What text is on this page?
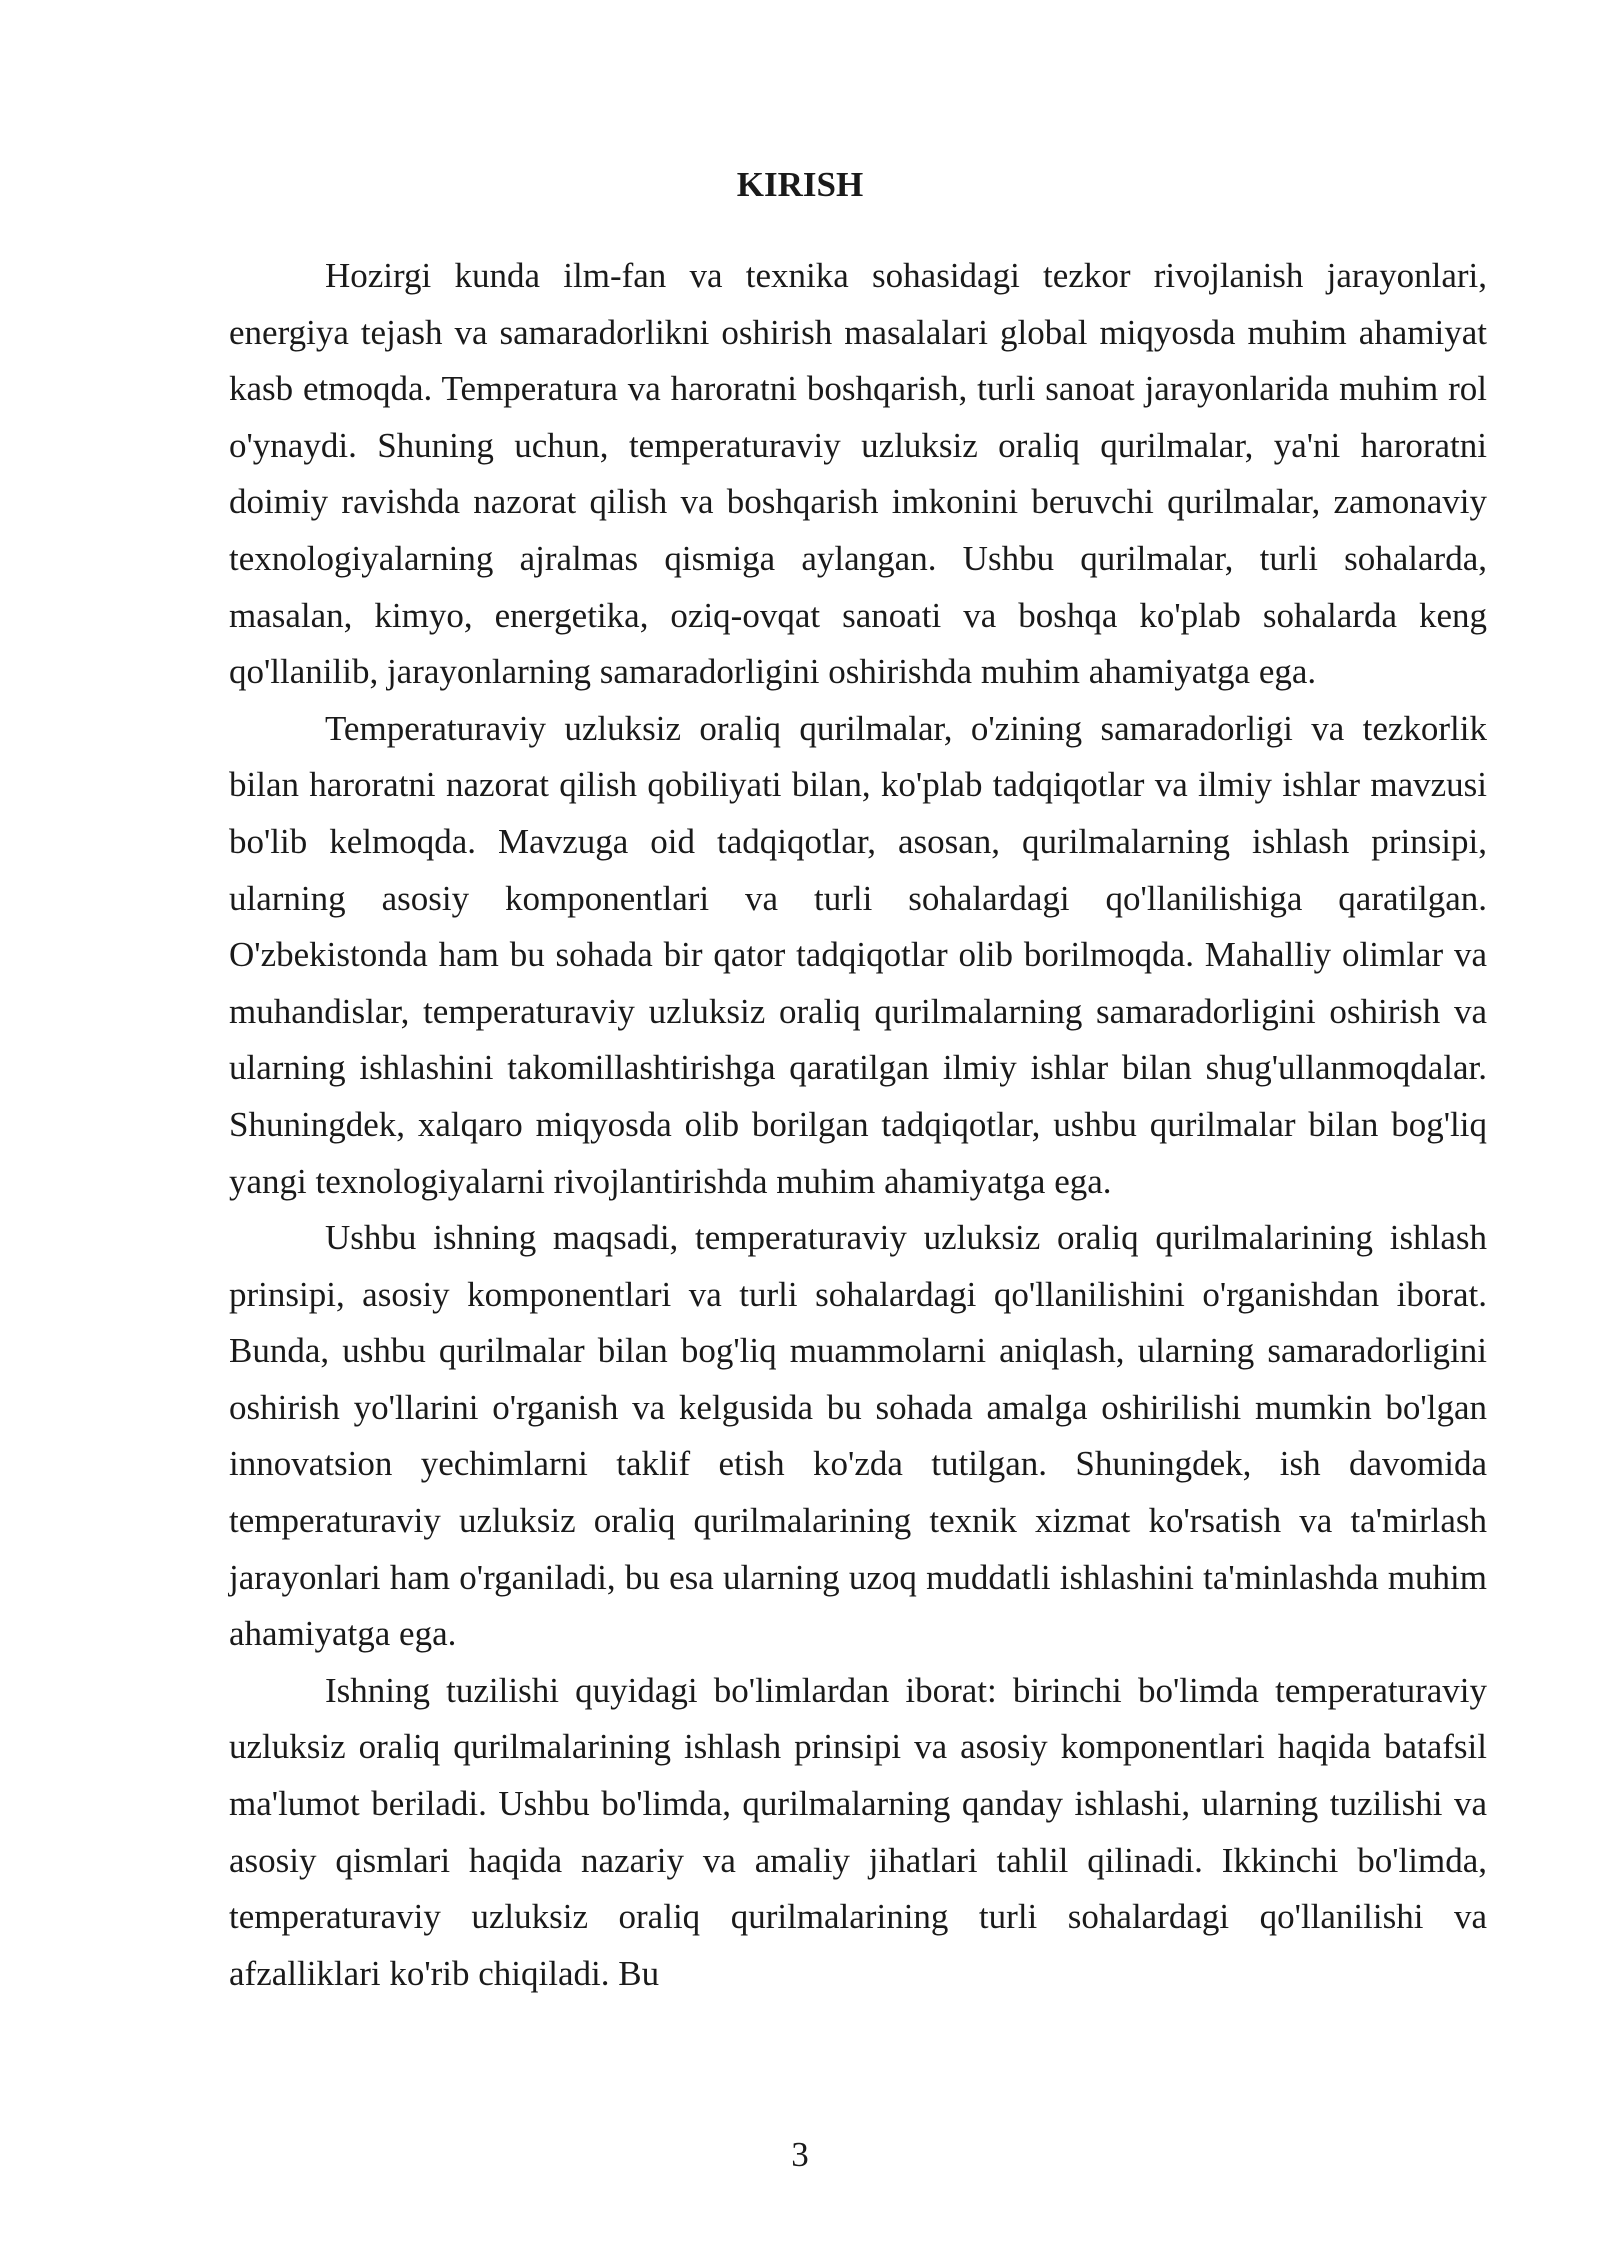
KIRISH

Hozirgi kunda ilm-fan va texnika sohasidagi tezkor rivojlanish jarayonlari, energiya tejash va samaradorlikni oshirish masalalari global miqyosda muhim ahamiyat kasb etmoqda. Temperatura va haroratni boshqarish, turli sanoat jarayonlarida muhim rol o'ynaydi. Shuning uchun, temperaturaviy uzluksiz oraliq qurilmalar, ya'ni haroratni doimiy ravishda nazorat qilish va boshqarish imkonini beruvchi qurilmalar, zamonaviy texnologiyalarning ajralmas qismiga aylangan. Ushbu qurilmalar, turli sohalarda, masalan, kimyo, energetika, oziq-ovqat sanoati va boshqa ko'plab sohalarda keng qo'llanilib, jarayonlarning samaradorligini oshirishda muhim ahamiyatga ega.

Temperaturaviy uzluksiz oraliq qurilmalar, o'zining samaradorligi va tezkorlik bilan haroratni nazorat qilish qobiliyati bilan, ko'plab tadqiqotlar va ilmiy ishlar mavzusi bo'lib kelmoqda. Mavzuga oid tadqiqotlar, asosan, qurilmalarning ishlash prinsipi, ularning asosiy komponentlari va turli sohalardagi qo'llanilishiga qaratilgan. O'zbekistonda ham bu sohada bir qator tadqiqotlar olib borilmoqda. Mahalliy olimlar va muhandislar, temperaturaviy uzluksiz oraliq qurilmalarning samaradorligini oshirish va ularning ishlashini takomillashtirishga qaratilgan ilmiy ishlar bilan shug'ullanmoqdalar. Shuningdek, xalqaro miqyosda olib borilgan tadqiqotlar, ushbu qurilmalar bilan bog'liq yangi texnologiyalarni rivojlantirishda muhim ahamiyatga ega.

Ushbu ishning maqsadi, temperaturaviy uzluksiz oraliq qurilmalarining ishlash prinsipi, asosiy komponentlari va turli sohalardagi qo'llanilishini o'rganishdan iborat. Bunda, ushbu qurilmalar bilan bog'liq muammolarni aniqlash, ularning samaradorligini oshirish yo'llarini o'rganish va kelgusida bu sohada amalga oshirilishi mumkin bo'lgan innovatsion yechimlarni taklif etish ko'zda tutilgan. Shuningdek, ish davomida temperaturaviy uzluksiz oraliq qurilmalarining texnik xizmat ko'rsatish va ta'mirlash jarayonlari ham o'rganiladi, bu esa ularning uzoq muddatli ishlashini ta'minlashda muhim ahamiyatga ega.

Ishning tuzilishi quyidagi bo'limlardan iborat: birinchi bo'limda temperaturaviy uzluksiz oraliq qurilmalarining ishlash prinsipi va asosiy komponentlari haqida batafsil ma'lumot beriladi. Ushbu bo'limda, qurilmalarning qanday ishlashi, ularning tuzilishi va asosiy qismlari haqida nazariy va amaliy jihatlari tahlil qilinadi. Ikkinchi bo'limda, temperaturaviy uzluksiz oraliq qurilmalarining turli sohalardagi qo'llanilishi va afzalliklari ko'rib chiqiladi. Bu

3
